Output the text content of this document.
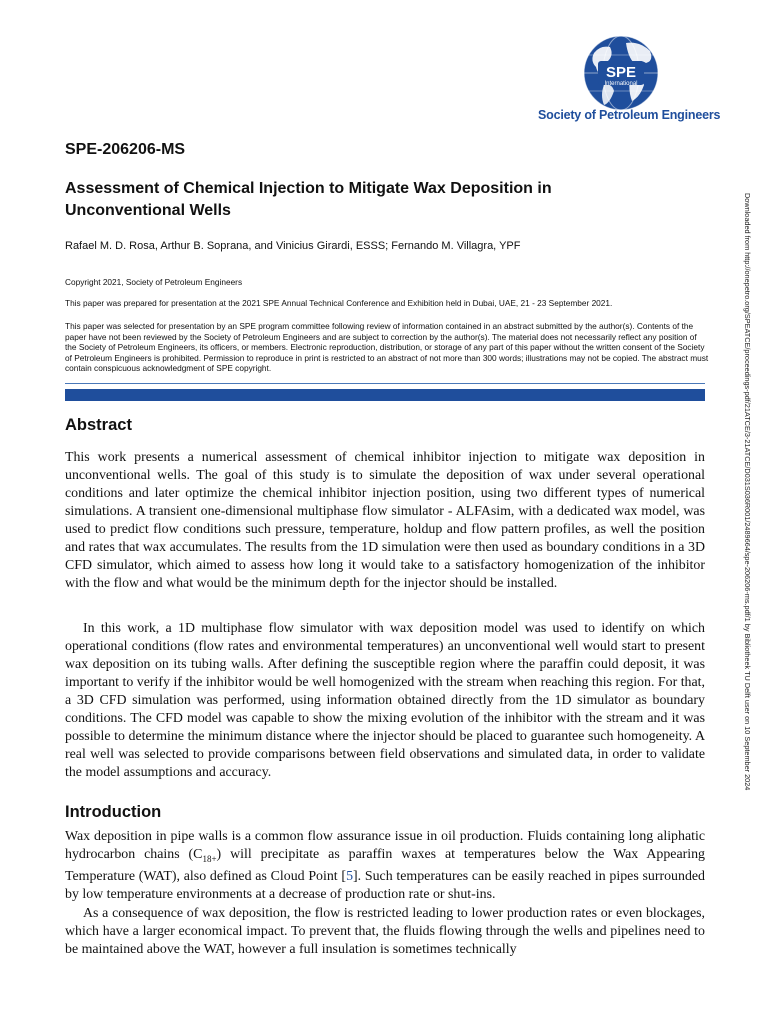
SPE
International
Society of Petroleum Engineers
SPE-206206-MS
Assessment of Chemical Injection to Mitigate Wax Deposition in Unconventional Wells
Rafael M. D. Rosa, Arthur B. Soprana, and Vinicius Girardi, ESSS; Fernando M. Villagra, YPF
Copyright 2021, Society of Petroleum Engineers
This paper was prepared for presentation at the 2021 SPE Annual Technical Conference and Exhibition held in Dubai, UAE, 21 - 23 September 2021.
This paper was selected for presentation by an SPE program committee following review of information contained in an abstract submitted by the author(s). Contents of the paper have not been reviewed by the Society of Petroleum Engineers and are subject to correction by the author(s). The material does not necessarily reflect any position of the Society of Petroleum Engineers, its officers, or members. Electronic reproduction, distribution, or storage of any part of this paper without the written consent of the Society of Petroleum Engineers is prohibited. Permission to reproduce in print is restricted to an abstract of not more than 300 words; illustrations may not be copied. The abstract must contain conspicuous acknowledgment of SPE copyright.
Abstract

This work presents a numerical assessment of chemical inhibitor injection to mitigate wax deposition in unconventional wells. The goal of this study is to simulate the deposition of wax under several operational conditions and later optimize the chemical inhibitor injection position, using two different types of numerical simulations. A transient one-dimensional multiphase flow simulator - ALFAsim, with a dedicated wax model, was used to predict flow conditions such pressure, temperature, holdup and flow pattern profiles, as well the position and rates that wax accumulates. The results from the 1D simulation were then used as boundary conditions in a 3D CFD simulator, which aimed to assess how long it would take to a satisfactory homogenization of the inhibitor with the flow and what would be the minimum depth for the injector should be installed.

In this work, a 1D multiphase flow simulator with wax deposition model was used to identify on which operational conditions (flow rates and environmental temperatures) an unconventional well would start to present wax deposition on its tubing walls. After defining the susceptible region where the paraffin could deposit, it was important to verify if the inhibitor would be well homogenized with the stream when reaching this region. For that, a 3D CFD simulation was performed, using information obtained directly from the 1D simulator as boundary conditions. The CFD model was capable to show the mixing evolution of the inhibitor with the stream and it was possible to determine the minimum distance where the injector should be placed to guarantee such homogeneity. A real well was selected to provide comparisons between field observations and simulated data, in order to validate the model assumptions and accuracy.

Introduction

Wax deposition in pipe walls is a common flow assurance issue in oil production. Fluids containing long aliphatic hydrocarbon chains $(C_{18+})$ will precipitate as paraffin waxes at temperatures below the Wax Appearing Temperature (WAT), also defined as Cloud Point [5]. Such temperatures can be easily reached in pipes surrounded by low temperature environments at a decrease of production rate or shut-ins.

As a consequence of wax deposition, the flow is restricted leading to lower production rates or even blockages, which have a larger economical impact. To prevent that, the fluids flowing through the wells and pipelines need to be maintained above the WAT, however a full insulation is sometimes technically

Downloaded from http://onepetro.org/SPEATCE/proceedings-pdf/21ATCE/3-21ATCE/D031S036R001/2489664/spe-206206-ms.pdf/1 by Bibliotheek TU Delft user on 10 September 2024
